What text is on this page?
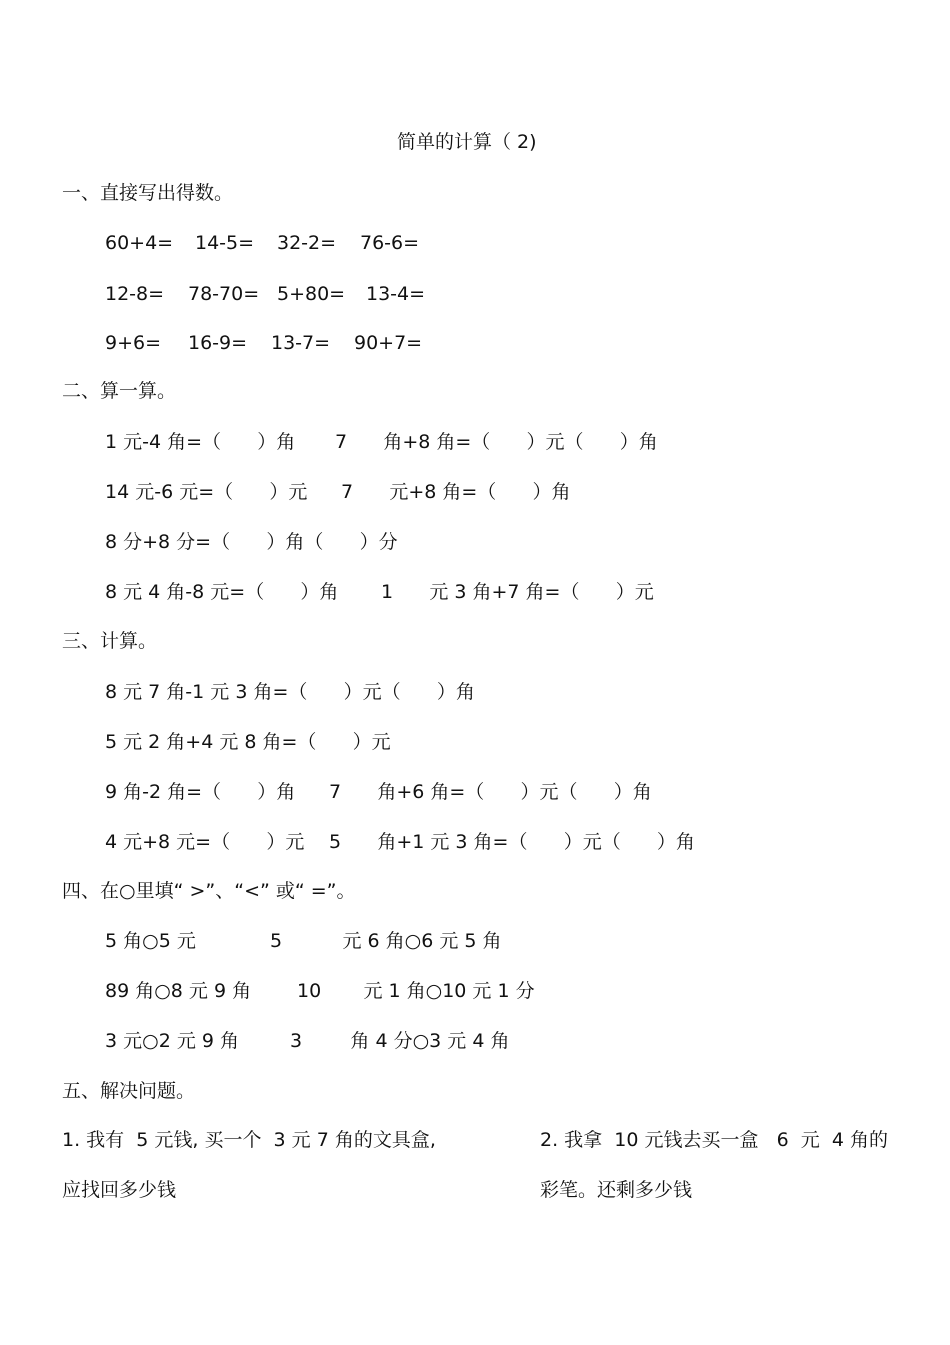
简单的计算（ 2)
一、直接写出得数。
60+4= 14-5= 32-2= 76-6=
12-8= 78-70= 5+80= 13-4=
9+6= 16-9= 13-7= 90+7=
二、算一算。
1 元-4 角=（      ）角 7      角+8 角=（      ）元（      ）角
14 元-6 元=（      ）元 7      元+8 角=（      ）角
8 分+8 分=（      ）角（      ）分
8 元 4 角-8 元=（      ）角 1      元 3 角+7 角=（      ）元
三、计算。
8 元 7 角-1 元 3 角=（      ）元（      ）角
5 元 2 角+4 元 8 角=（      ）元
9 角-2 角=（      ）角 7      角+6 角=（      ）元（      ）角
4 元+8 元=（      ）元 5      角+1 元 3 角=（      ）元（      ）角
四、在○里填“ >”、“<” 或“ =”。
5 角○5 元	5          元 6 角○6 元 5 角
89 角○8 元 9 角 10       元 1 角○10 元 1 分
3 元○2 元 9 角	3        角 4 分○3 元 4 角
五、解决问题。
1. 我有  5 元钱, 买一个  3 元 7 角的文具盒,
应找回多少钱
2. 我拿  10 元钱去买一盒   6  元  4 角的
彩笔。还剩多少钱
